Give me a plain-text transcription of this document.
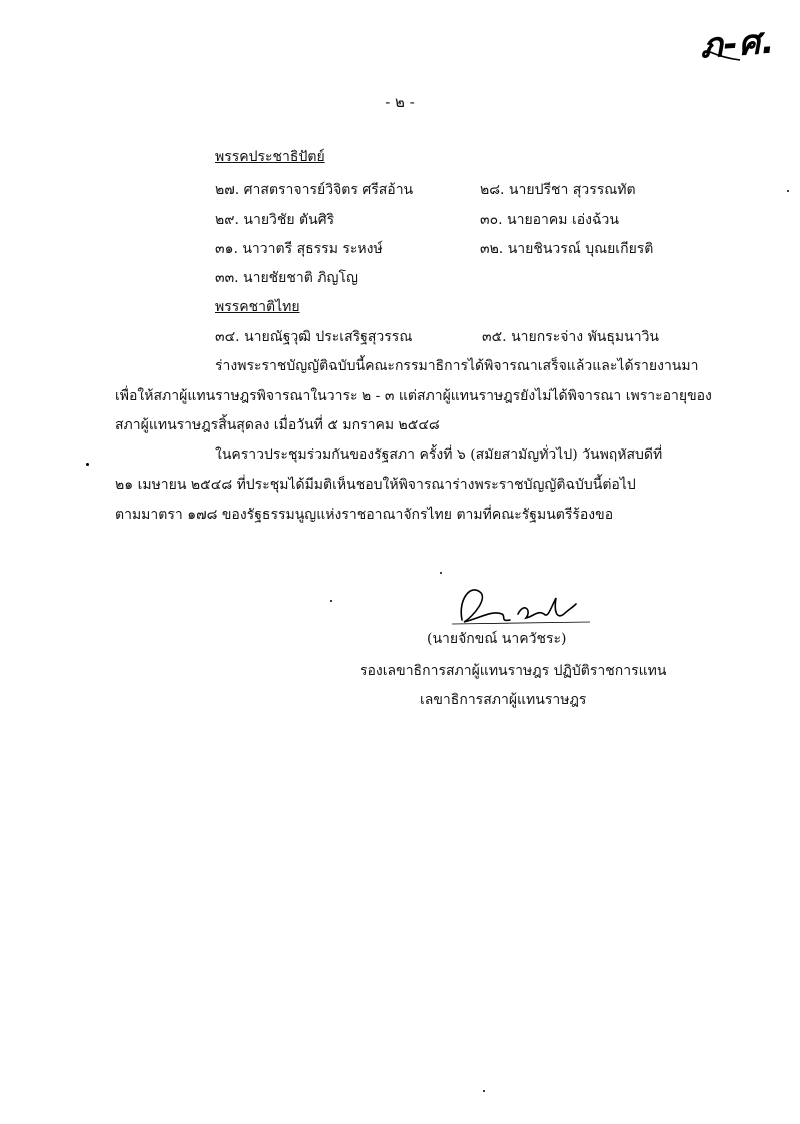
ภ-ศ.
- ๒ -
พรรคประชาธิปัตย์
๒๗. ศาสตราจารย์วิจิตร ศรีสอ้าน	๒๘. นายปรีชา สุวรรณทัต
๒๙. นายวิชัย ตันศิริ	๓๐. นายอาคม เอ่งฉ้วน
๓๑. นาวาตรี สุธรรม ระหงษ์	๓๒. นายชินวรณ์ บุณยเกียรติ
๓๓. นายชัยชาติ ภิญโญ
พรรคชาติไทย
๓๔. นายณัฐวุฒิ ประเสริฐสุวรรณ	๓๕. นายกระจ่าง พันธุมนาวิน
ร่างพระราชบัญญัติฉบับนี้คณะกรรมาธิการได้พิจารณาเสร็จแล้วและได้รายงานมา
เพื่อให้สภาผู้แทนราษฎรพิจารณาในวาระ ๒ - ๓ แต่สภาผู้แทนราษฎรยังไม่ได้พิจารณา เพราะอายุของ
สภาผู้แทนราษฎรสิ้นสุดลง เมื่อวันที่ ๕ มกราคม ๒๕๔๘
ในคราวประชุมร่วมกันของรัฐสภา ครั้งที่ ๖ (สมัยสามัญทั่วไป) วันพฤหัสบดีที่
๒๑ เมษายน ๒๕๔๘ ที่ประชุมได้มีมติเห็นชอบให้พิจารณาร่างพระราชบัญญัติฉบับนี้ต่อไป
ตามมาตรา ๑๗๘ ของรัฐธรรมนูญแห่งราชอาณาจักรไทย ตามที่คณะรัฐมนตรีร้องขอ
(นายจักขณ์ นาควัชระ)
รองเลขาธิการสภาผู้แทนราษฎร ปฏิบัติราชการแทน
เลขาธิการสภาผู้แทนราษฎร
